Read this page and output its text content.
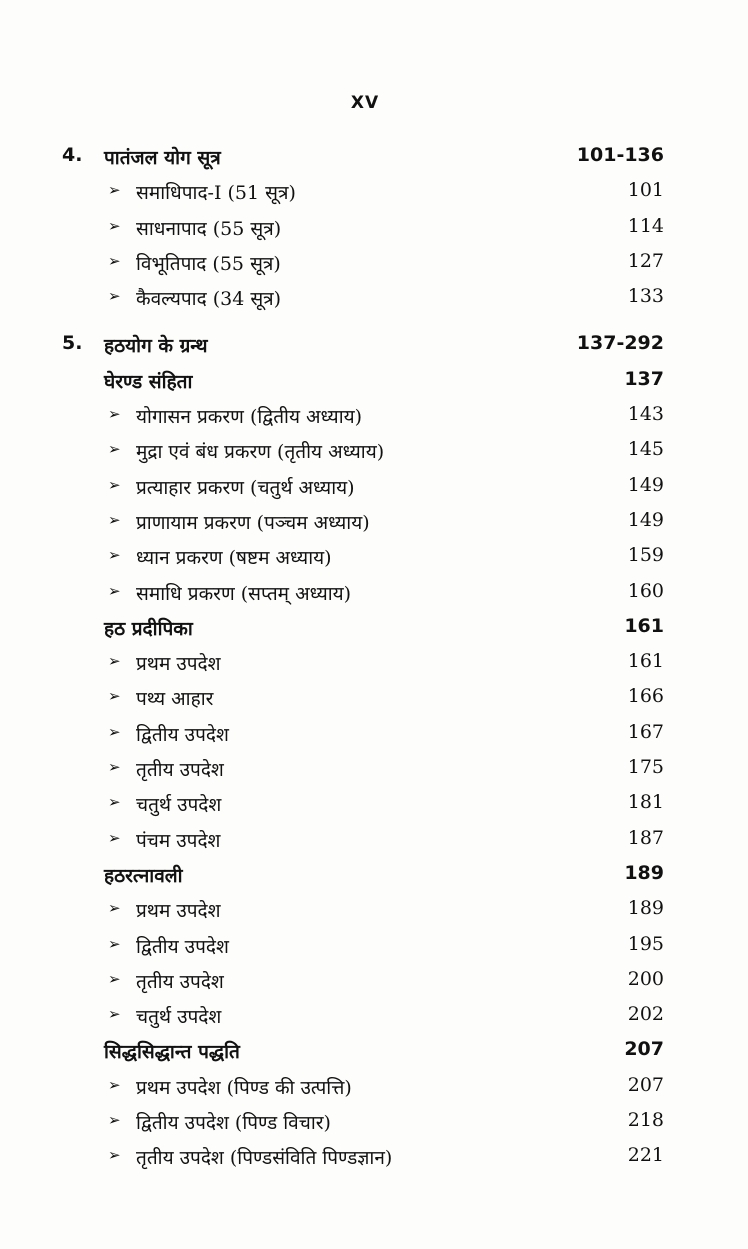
XV
4. पातंजल योग सूत्र	101-136
➢ समाधिपाद-I (51 सूत्र)	101
➢ साधनापाद (55 सूत्र)	114
➢ विभूतिपाद (55 सूत्र)	127
➢ कैवल्यपाद (34 सूत्र)	133
5. हठयोग के ग्रन्थ	137-292
घेरण्ड संहिता	137
➢ योगासन प्रकरण (द्वितीय अध्याय)	143
➢ मुद्रा एवं बंध प्रकरण (तृतीय अध्याय)	145
➢ प्रत्याहार प्रकरण (चतुर्थ अध्याय)	149
➢ प्राणायाम प्रकरण (पञ्चम अध्याय)	149
➢ ध्यान प्रकरण (षष्टम अध्याय)	159
➢ समाधि प्रकरण (सप्तम् अध्याय)	160
हठ प्रदीपिका	161
➢ प्रथम उपदेश	161
➢ पथ्य आहार	166
➢ द्वितीय उपदेश	167
➢ तृतीय उपदेश	175
➢ चतुर्थ उपदेश	181
➢ पंचम उपदेश	187
हठरत्नावली	189
➢ प्रथम उपदेश	189
➢ द्वितीय उपदेश	195
➢ तृतीय उपदेश	200
➢ चतुर्थ उपदेश	202
सिद्धसिद्धान्त पद्धति	207
➢ प्रथम उपदेश (पिण्ड की उत्पत्ति)	207
➢ द्वितीय उपदेश (पिण्ड विचार)	218
➢ तृतीय उपदेश (पिण्डसंविति पिण्डज्ञान)	221
